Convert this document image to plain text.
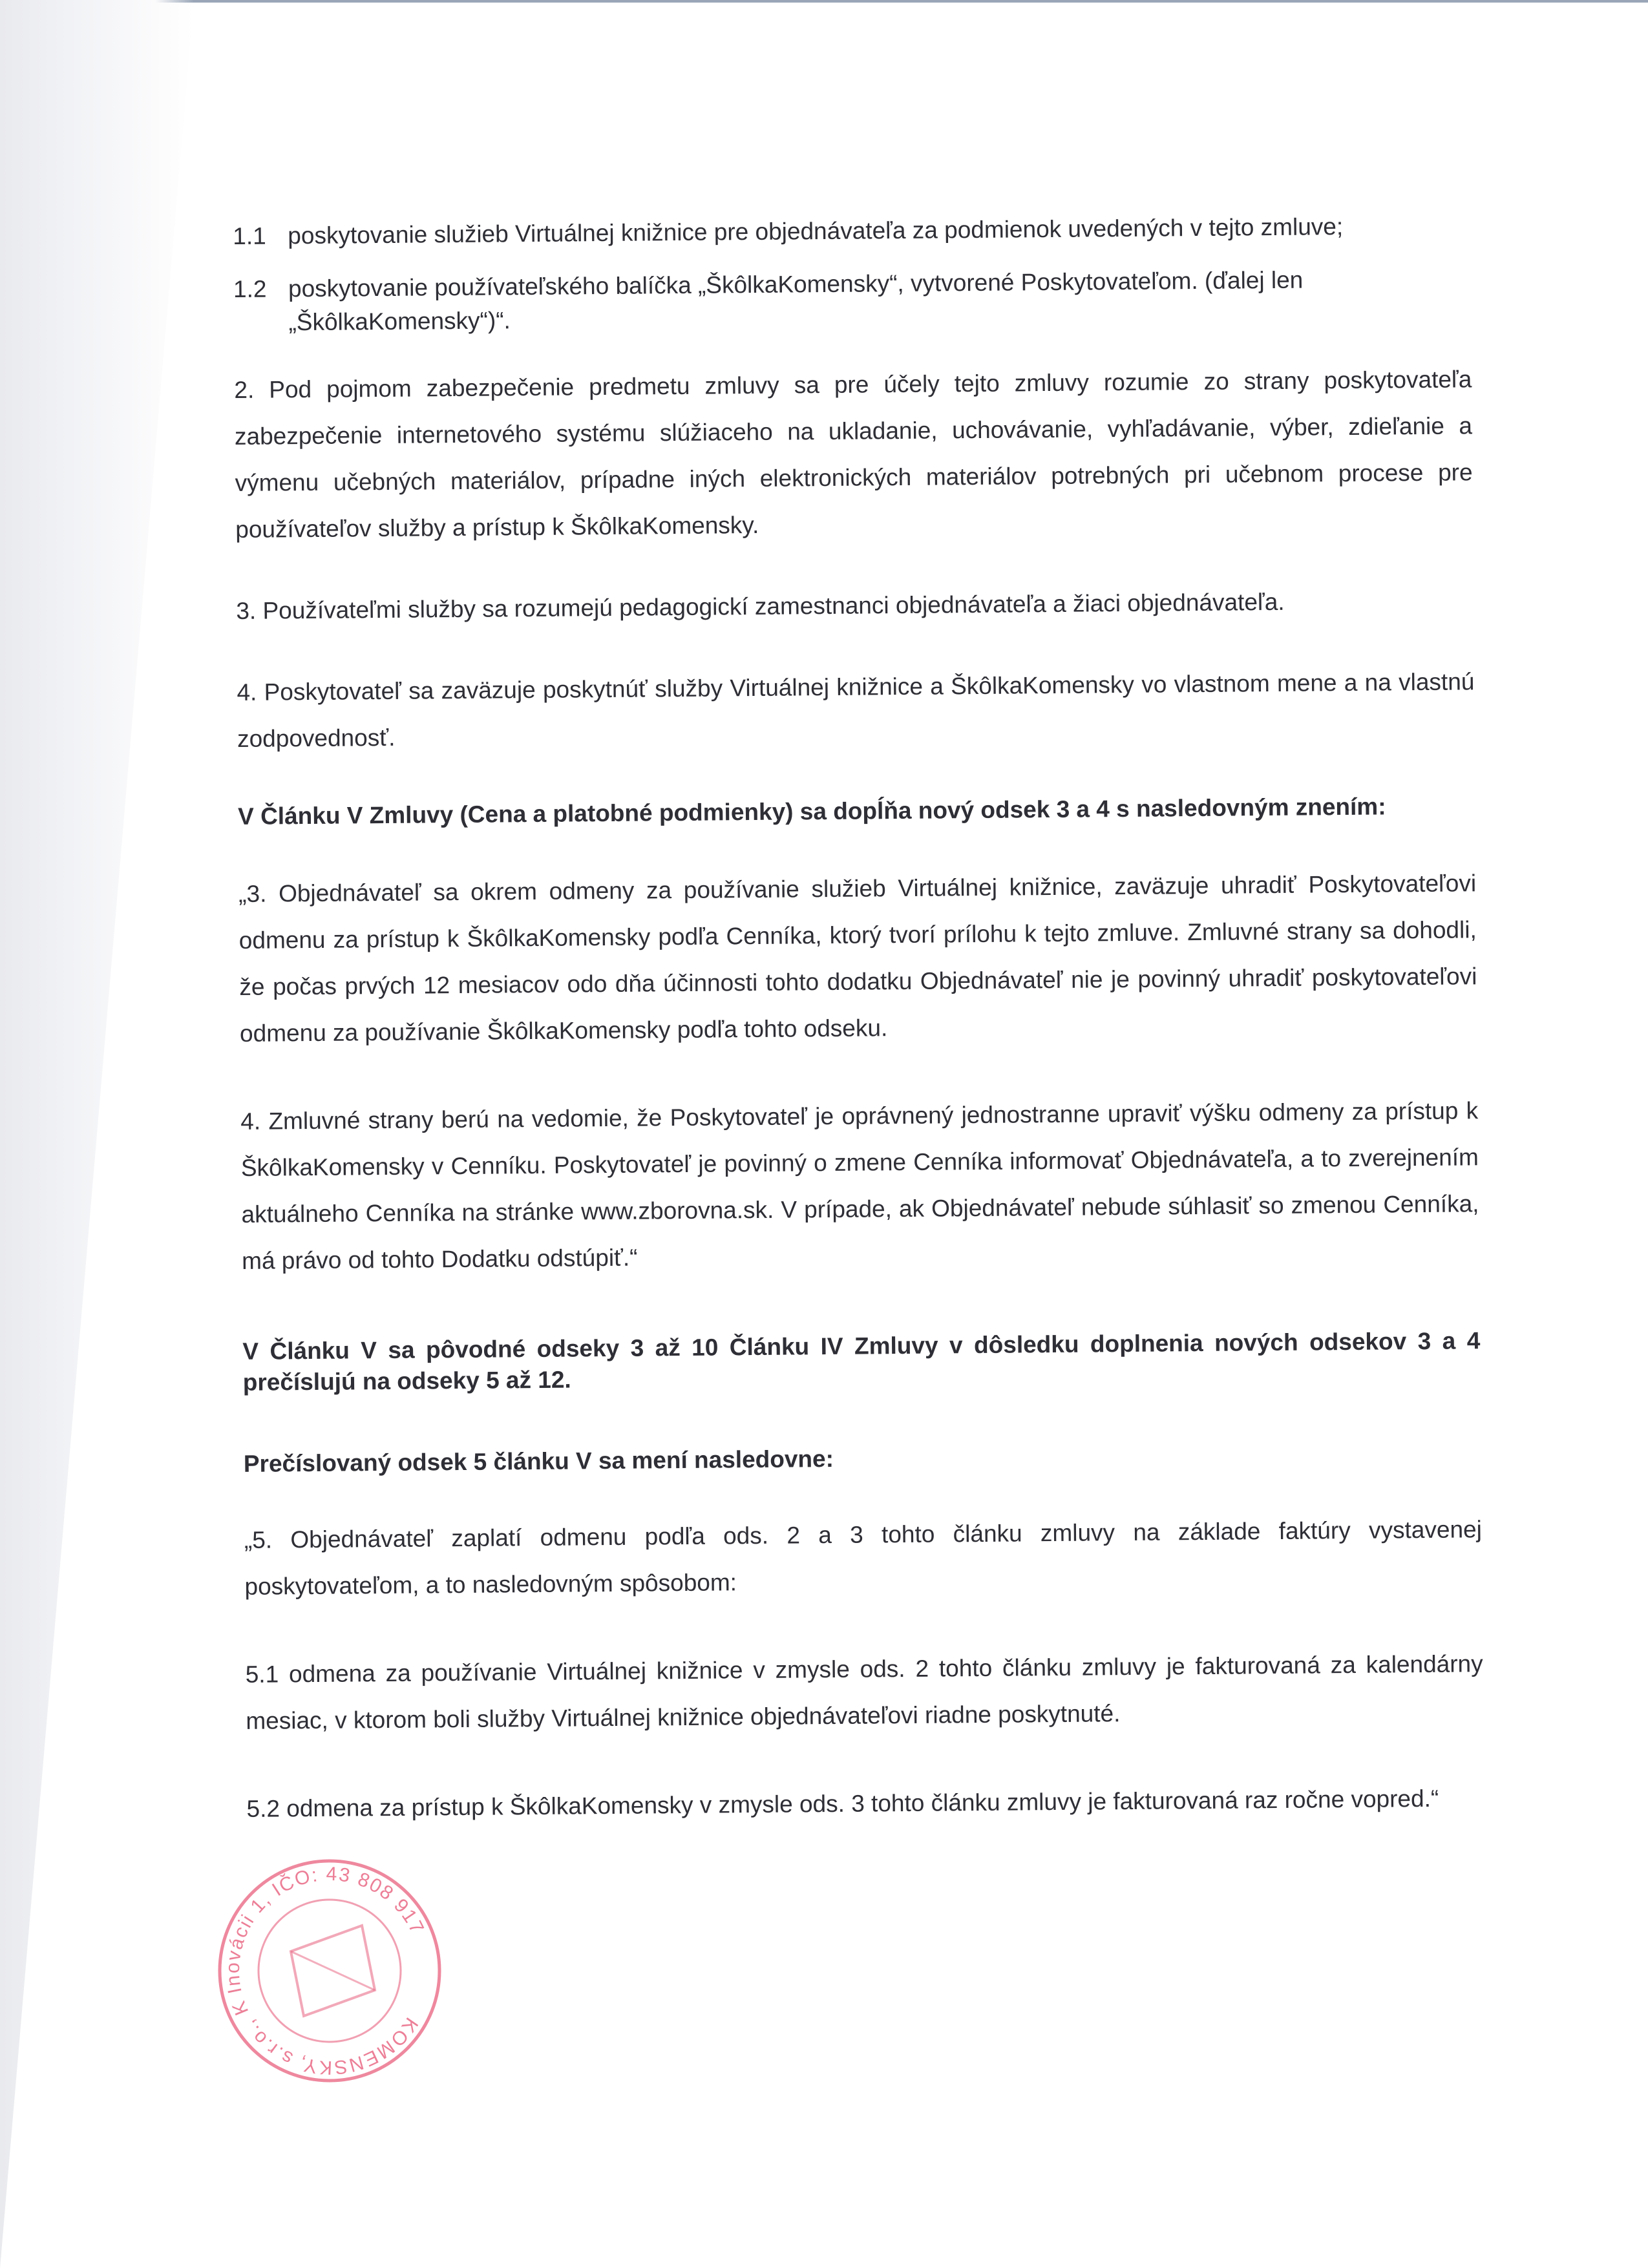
1.1 poskytovanie služieb Virtuálnej knižnice pre objednávateľa za podmienok uvedených v tejto zmluve;
1.2 poskytovanie používateľského balíčka „ŠkôlkaKomensky“, vytvorené Poskytovateľom. (ďalej len „ŠkôlkaKomensky“)“.

2. Pod pojmom zabezpečenie predmetu zmluvy sa pre účely tejto zmluvy rozumie zo strany poskytovateľa zabezpečenie internetového systému slúžiaceho na ukladanie, uchovávanie, vyhľadávanie, výber, zdieľanie a výmenu učebných materiálov, prípadne iných elektronických materiálov potrebných pri učebnom procese pre používateľov služby a prístup k ŠkôlkaKomensky.

3. Používateľmi služby sa rozumejú pedagogickí zamestnanci objednávateľa a žiaci objednávateľa.

4. Poskytovateľ sa zaväzuje poskytnúť služby Virtuálnej knižnice a ŠkôlkaKomensky vo vlastnom mene a na vlastnú zodpovednosť.

V Článku V Zmluvy (Cena a platobné podmienky) sa dopĺňa nový odsek 3 a 4 s nasledovným znením:

„3. Objednávateľ sa okrem odmeny za používanie služieb Virtuálnej knižnice, zaväzuje uhradiť Poskytovateľovi odmenu za prístup k ŠkôlkaKomensky podľa Cenníka, ktorý tvorí prílohu k tejto zmluve. Zmluvné strany sa dohodli, že počas prvých 12 mesiacov odo dňa účinnosti tohto dodatku Objednávateľ nie je povinný uhradiť poskytovateľovi odmenu za používanie ŠkôlkaKomensky podľa tohto odseku.

4. Zmluvné strany berú na vedomie, že Poskytovateľ je oprávnený jednostranne upraviť výšku odmeny za prístup k ŠkôlkaKomensky v Cenníku. Poskytovateľ je povinný o zmene Cenníka informovať Objednávateľa, a to zverejnením aktuálneho Cenníka na stránke www.zborovna.sk. V prípade, ak Objednávateľ nebude súhlasiť so zmenou Cenníka, má právo od tohto Dodatku odstúpiť.“

V Článku V sa pôvodné odseky 3 až 10 Článku IV Zmluvy v dôsledku doplnenia nových odsekov 3 a 4 prečíslujú na odseky 5 až 12.

Prečíslovaný odsek 5 článku V sa mení nasledovne:

„5. Objednávateľ zaplatí odmenu podľa ods. 2 a 3 tohto článku zmluvy na základe faktúry vystavenej poskytovateľom, a to nasledovným spôsobom:

5.1 odmena za používanie Virtuálnej knižnice v zmysle ods. 2 tohto článku zmluvy je fakturovaná za kalendárny mesiac, v ktorom boli služby Virtuálnej knižnice objednávateľovi riadne poskytnuté.

5.2 odmena za prístup k ŠkôlkaKomensky v zmysle ods. 3 tohto článku zmluvy je fakturovaná raz ročne vopred.“

KOMENSKY, s.r.o., K Inovácii 1, IČO: 43 808 917
